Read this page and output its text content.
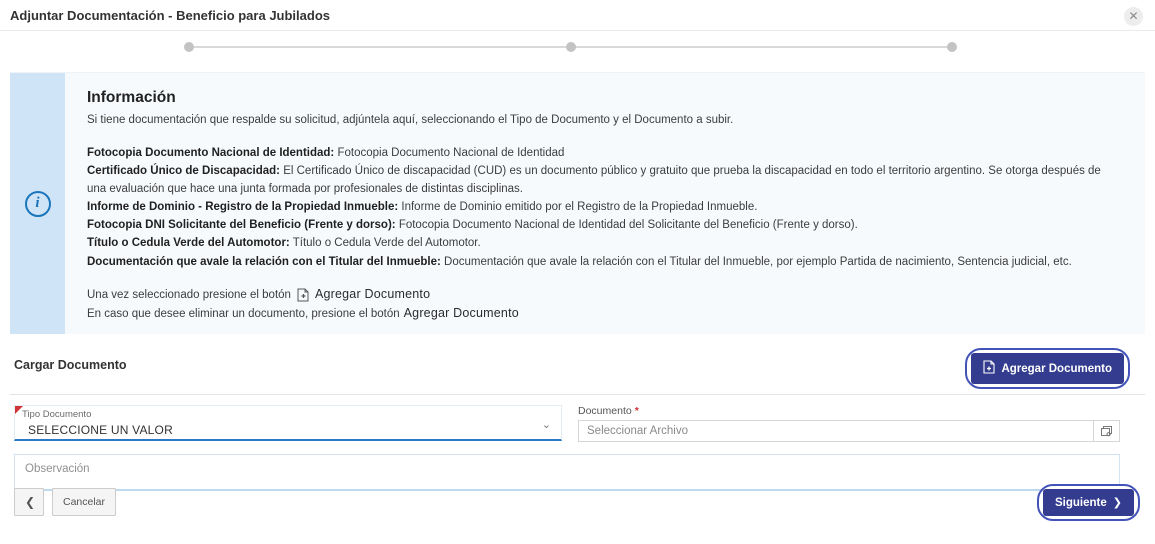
Adjuntar Documentación - Beneficio para Jubilados	✕
i
Información
Si tiene documentación que respalde su solicitud, adjúntela aquí, seleccionando el Tipo de Documento y el Documento a subir.
Fotocopia Documento Nacional de Identidad: Fotocopia Documento Nacional de Identidad
Certificado Único de Discapacidad: El Certificado Único de discapacidad (CUD) es un documento público y gratuito que prueba la discapacidad en todo el territorio argentino. Se otorga después de una evaluación que hace una junta formada por profesionales de distintas disciplinas.
Informe de Dominio - Registro de la Propiedad Inmueble: Informe de Dominio emitido por el Registro de la Propiedad Inmueble.
Fotocopia DNI Solicitante del Beneficio (Frente y dorso): Fotocopia Documento Nacional de Identidad del Solicitante del Beneficio (Frente y dorso).
Título o Cedula Verde del Automotor: Título o Cedula Verde del Automotor.
Documentación que avale la relación con el Titular del Inmueble: Documentación que avale la relación con el Titular del Inmueble, por ejemplo Partida de nacimiento, Sentencia judicial, etc.
Una vez seleccionado presione el botón Agregar Documento
En caso que desee eliminar un documento, presione el botón Agregar Documento
Cargar Documento	Agregar Documento
Tipo Documento
SELECCIONE UN VALOR	⌄
Documento *
Seleccionar Archivo
Observación
❮	Cancelar	Siguiente ❯
